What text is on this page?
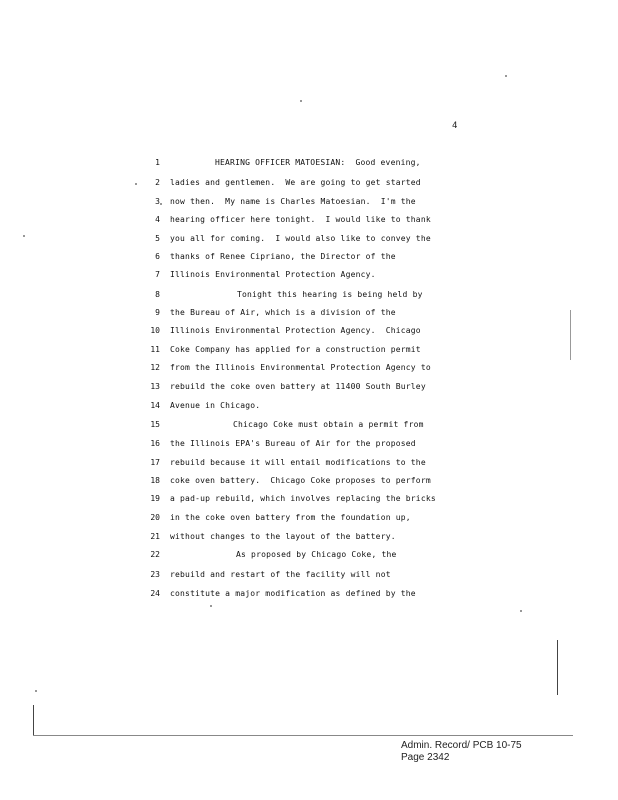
4
1	HEARING OFFICER MATOESIAN:  Good evening,
2 ladies and gentlemen.  We are going to get started
3 now then.  My name is Charles Matoesian.  I'm the
4 hearing officer here tonight.  I would like to thank
5 you all for coming.  I would also like to convey the
6 thanks of Renee Cipriano, the Director of the
7 Illinois Environmental Protection Agency.
8	Tonight this hearing is being held by
9 the Bureau of Air, which is a division of the
10 Illinois Environmental Protection Agency.  Chicago
11 Coke Company has applied for a construction permit
12 from the Illinois Environmental Protection Agency to
13 rebuild the coke oven battery at 11400 South Burley
14 Avenue in Chicago.
15	Chicago Coke must obtain a permit from
16 the Illinois EPA's Bureau of Air for the proposed
17 rebuild because it will entail modifications to the
18 coke oven battery.  Chicago Coke proposes to perform
19 a pad-up rebuild, which involves replacing the bricks
20 in the coke oven battery from the foundation up,
21 without changes to the layout of the battery.
22	As proposed by Chicago Coke, the
23 rebuild and restart of the facility will not
24 constitute a major modification as defined by the
Admin. Record/ PCB 10-75
Page 2342
